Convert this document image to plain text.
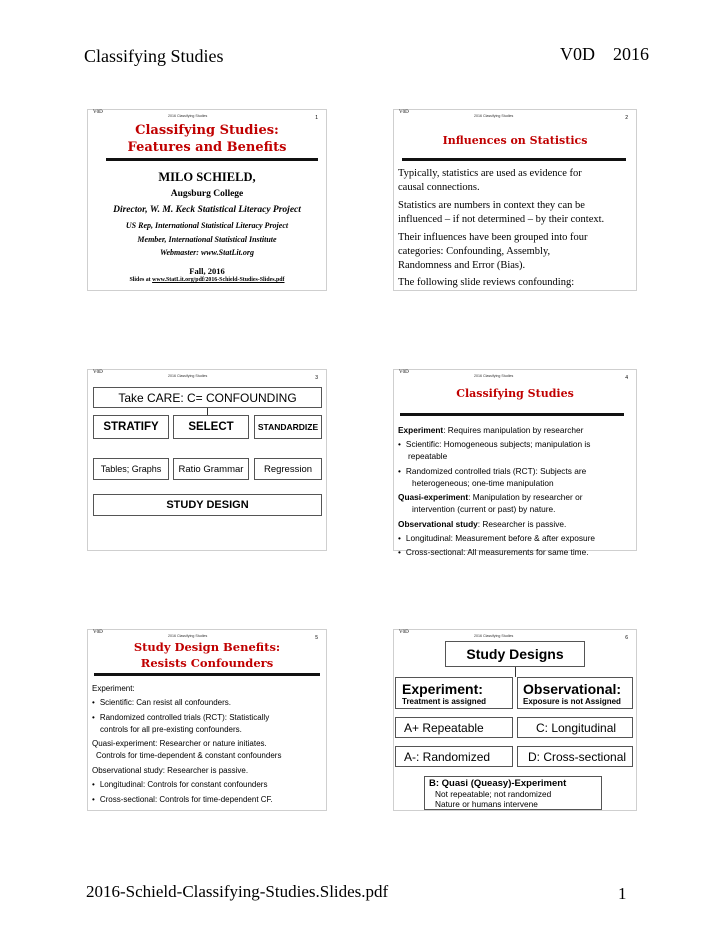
Classifying Studies	V0D    2016
2016-Schield-Classifying-Studies.Slides.pdf	1
V0D
2016 Classifying Studies	1
Classifying Studies:
Features and Benefits
MILO SCHIELD,
Augsburg College
Director, W. M. Keck Statistical Literacy Project
US Rep, International Statistical Literacy Project
Member, International Statistical Institute
Webmaster: www.StatLit.org
Fall, 2016
Slides at www.StatLit.org/pdf/2016-Schield-Studies-Slides.pdf
V0D
2016 Classifying Studies	2
Influences on Statistics
Typically, statistics are used as evidence for
causal connections.
Statistics are numbers in context they can be
influenced – if not determined – by their context.
Their influences have been grouped into four
categories: Confounding, Assembly,
Randomness and Error (Bias).
The following slide reviews confounding:
V0D
2016 Classifying Studies	3
Take CARE: C= CONFOUNDING
STRATIFY	SELECT	STANDARDIZE
Tables; Graphs	Ratio Grammar	Regression
STUDY DESIGN
V0D
2016 Classifying Studies	4
Classifying Studies
Experiment: Requires manipulation by researcher
• Scientific: Homogeneous subjects; manipulation is
repeatable
• Randomized controlled trials (RCT): Subjects are
heterogeneous; one-time manipulation
Quasi-experiment: Manipulation by researcher or
intervention (current or past) by nature.
Observational study: Researcher is passive.
• Longitudinal: Measurement before & after exposure
• Cross-sectional: All measurements for same time.
V0D
2016 Classifying Studies	5
Study Design Benefits:
Resists Confounders
Experiment:
• Scientific: Can resist all confounders.
• Randomized controlled trials (RCT): Statistically
controls for all pre-existing confounders.
Quasi-experiment: Researcher or nature initiates.
Controls for time-dependent & constant confounders
Observational study: Researcher is passive.
• Longitudinal: Controls for constant confounders
• Cross-sectional: Controls for time-dependent CF.
V0D
2016 Classifying Studies	6
Study Designs
Experiment:
Treatment is assigned
Observational:
Exposure is not Assigned
A+ Repeatable	C: Longitudinal
A-: Randomized	D: Cross-sectional
B: Quasi (Queasy)-Experiment
Not repeatable; not randomized
Nature or humans intervene
